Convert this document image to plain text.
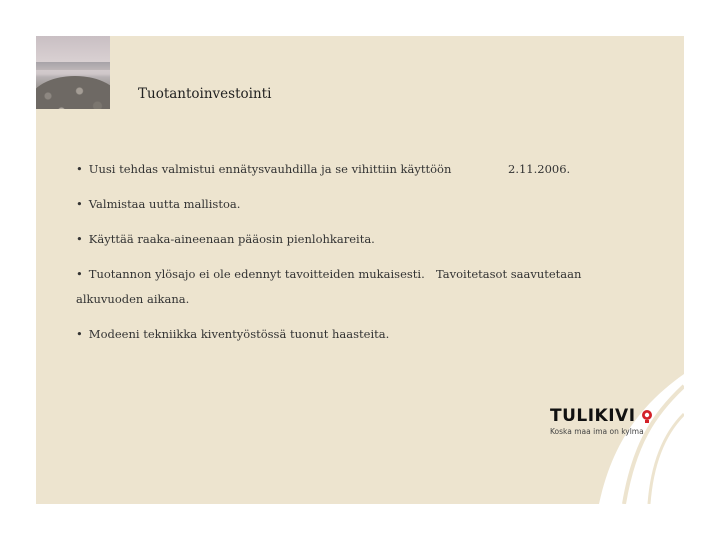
Tuotantoinvestointi
• Uusi tehdas valmistui ennätysvauhdilla ja se vihittiin käyttöön	2.11.2006.
• Valmistaa uutta mallistoa.
• Käyttää raaka-aineenaan pääosin pienlohkareita.
• Tuotannon ylösajo ei ole edennyt tavoitteiden mukaisesti. Tavoitetasot saavutetaan
alkuvuoden aikana.
• Modeeni tekniikka kiventyöstössä tuonut haasteita.
TULIKIVI
Koska maa ima on kylma
